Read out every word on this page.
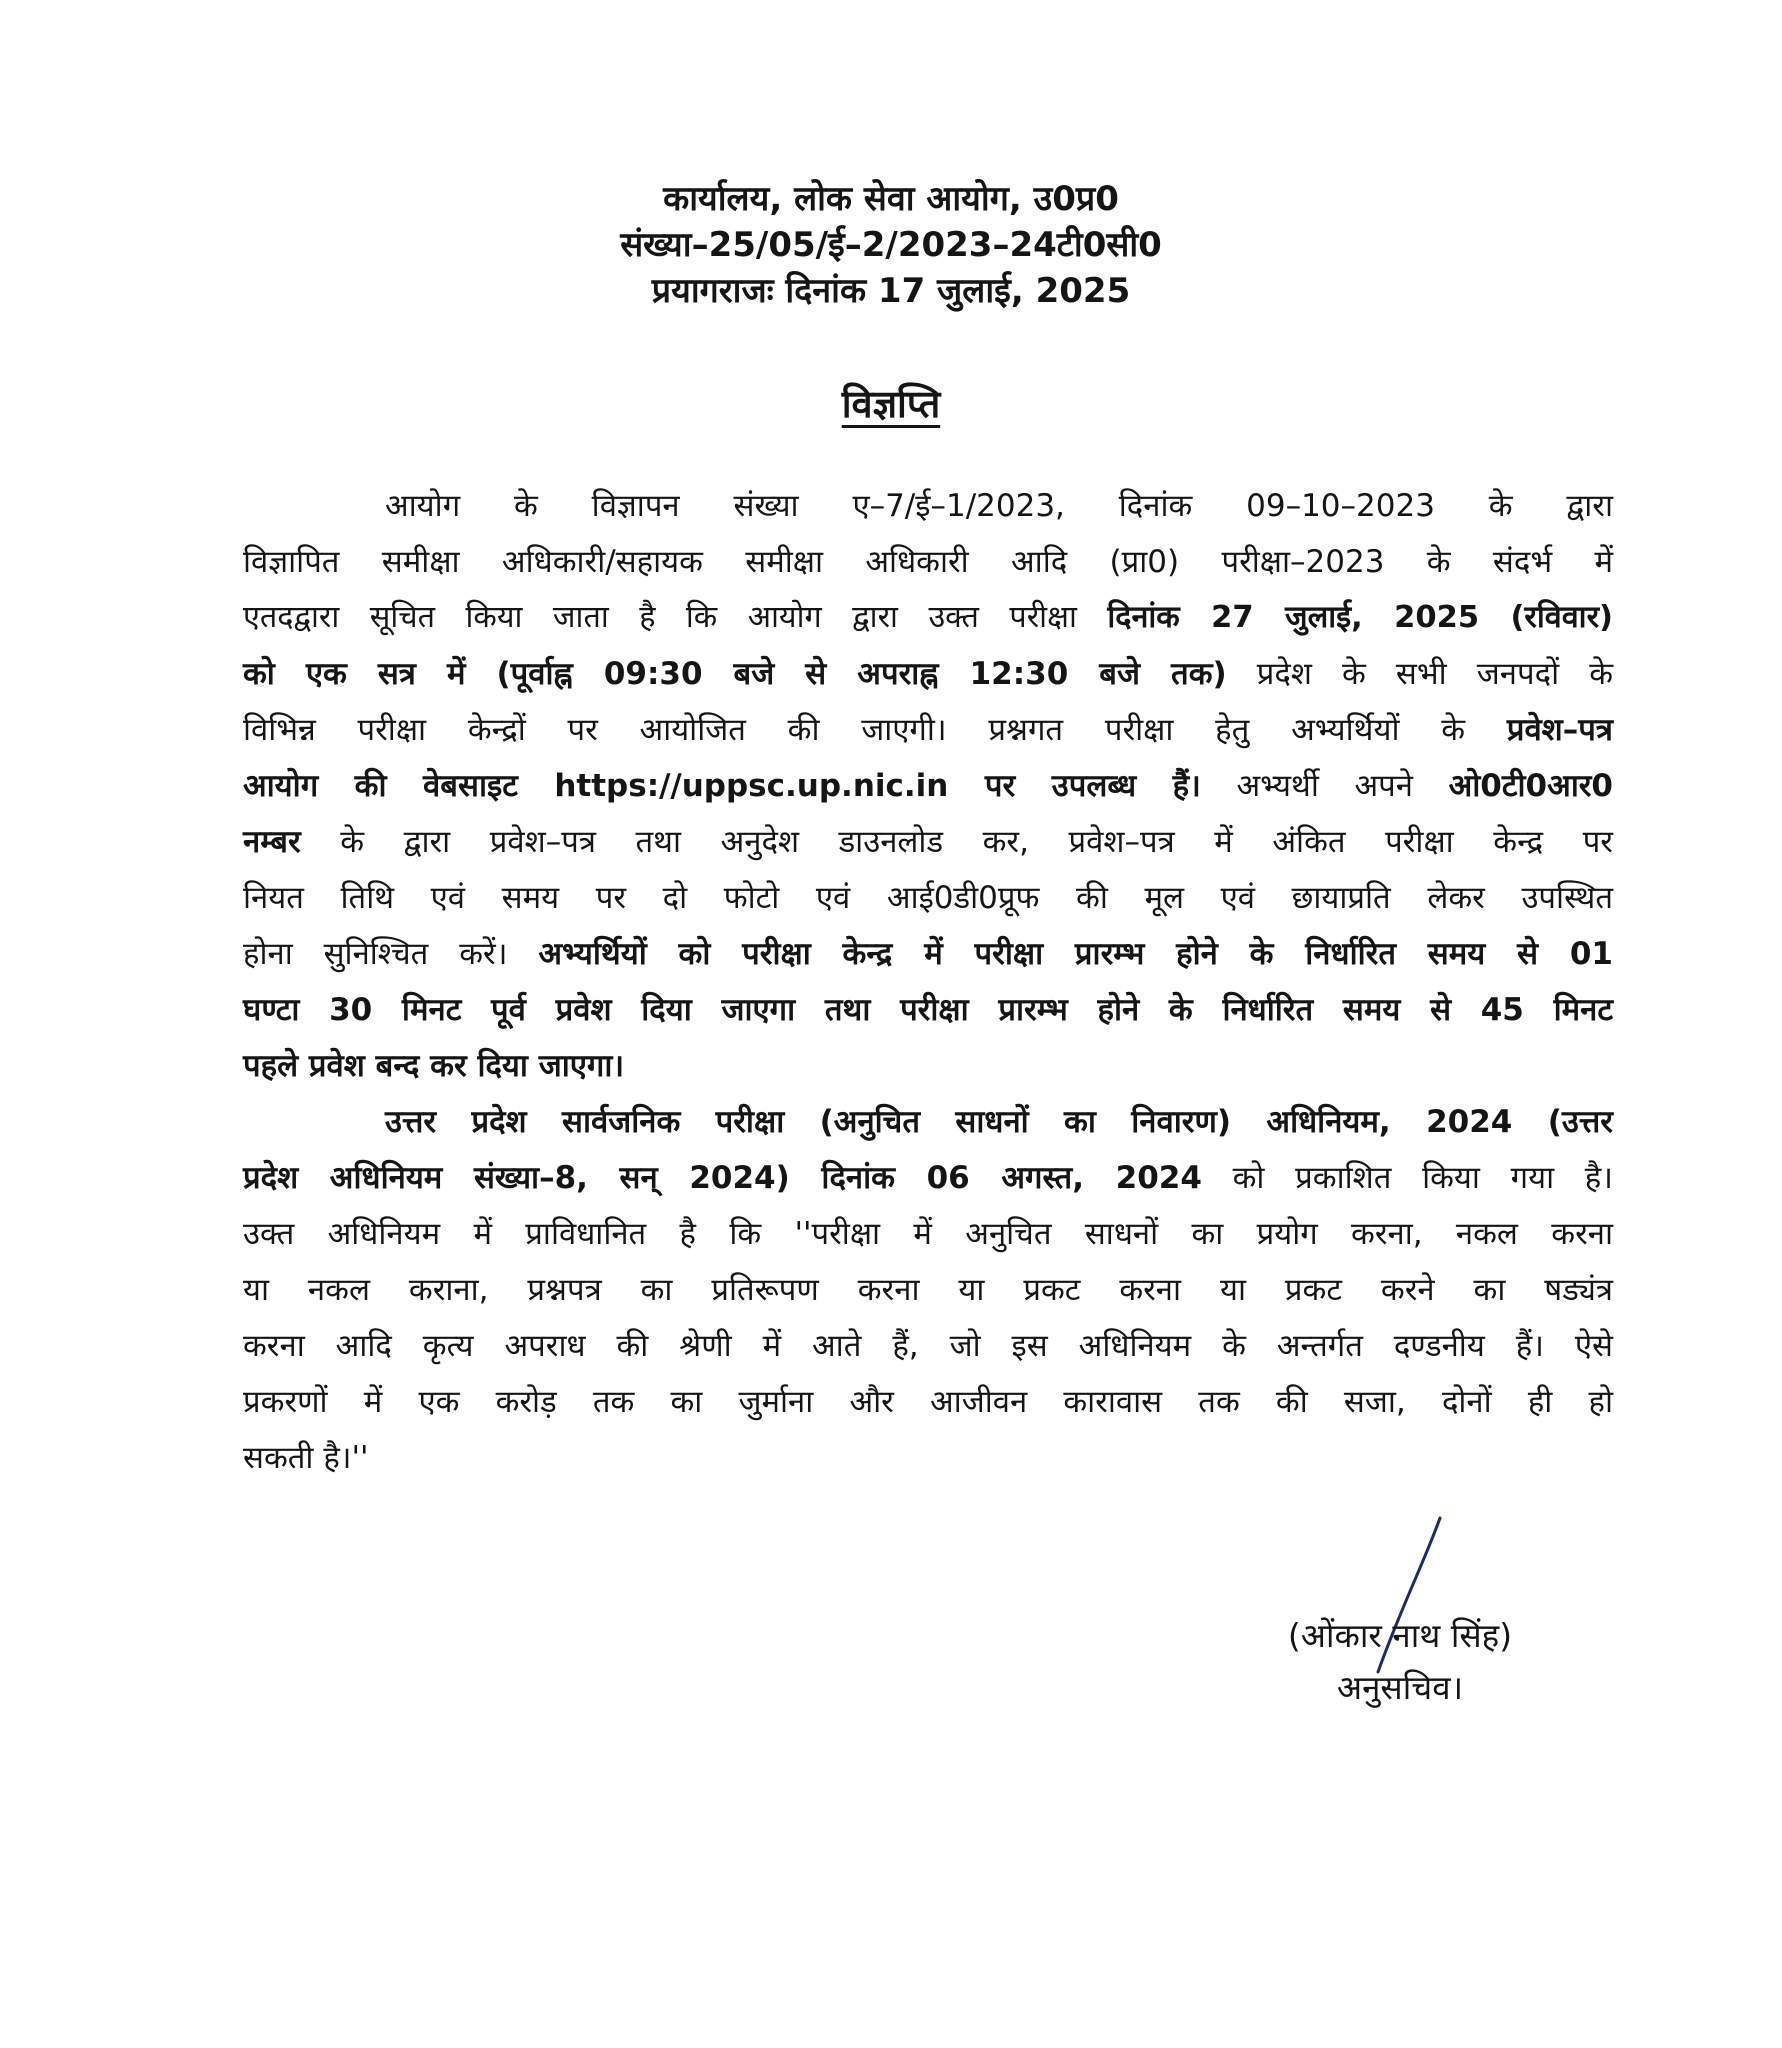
कार्यालय, लोक सेवा आयोग, उ0प्र0
संख्या–25/05/ई–2/2023–24टी0सी0
प्रयागराजः दिनांक 17 जुलाई, 2025
विज्ञप्ति
आयोग के विज्ञापन संख्या ए–7/ई–1/2023, दिनांक 09–10–2023 के द्वारा
विज्ञापित समीक्षा अधिकारी/सहायक समीक्षा अधिकारी आदि (प्रा0) परीक्षा–2023 के संदर्भ में
एतदद्वारा सूचित किया जाता है कि आयोग द्वारा उक्त परीक्षा दिनांक 27 जुलाई, 2025 (रविवार)
को एक सत्र में (पूर्वाह्न 09:30 बजे से अपराह्न 12:30 बजे तक) प्रदेश के सभी जनपदों के
विभिन्न परीक्षा केन्द्रों पर आयोजित की जाएगी। प्रश्नगत परीक्षा हेतु अभ्यर्थियों के प्रवेश–पत्र
आयोग की वेबसाइट https://uppsc.up.nic.in पर उपलब्ध हैं। अभ्यर्थी अपने ओ0टी0आर0
नम्बर के द्वारा प्रवेश–पत्र तथा अनुदेश डाउनलोड कर, प्रवेश–पत्र में अंकित परीक्षा केन्द्र पर
नियत तिथि एवं समय पर दो फोटो एवं आई0डी0प्रूफ की मूल एवं छायाप्रति लेकर उपस्थित
होना सुनिश्चित करें। अभ्यर्थियों को परीक्षा केन्द्र में परीक्षा प्रारम्भ होने के निर्धारित समय से 01
घण्टा 30 मिनट पूर्व प्रवेश दिया जाएगा तथा परीक्षा प्रारम्भ होने के निर्धारित समय से 45 मिनट
पहले प्रवेश बन्द कर दिया जाएगा।
उत्तर प्रदेश सार्वजनिक परीक्षा (अनुचित साधनों का निवारण) अधिनियम, 2024 (उत्तर
प्रदेश अधिनियम संख्या–8, सन् 2024) दिनांक 06 अगस्त, 2024 को प्रकाशित किया गया है।
उक्त अधिनियम में प्राविधानित है कि ''परीक्षा में अनुचित साधनों का प्रयोग करना, नकल करना
या नकल कराना, प्रश्नपत्र का प्रतिरूपण करना या प्रकट करना या प्रकट करने का षड्यंत्र
करना आदि कृत्य अपराध की श्रेणी में आते हैं, जो इस अधिनियम के अन्तर्गत दण्डनीय हैं। ऐसे
प्रकरणों में एक करोड़ तक का जुर्माना और आजीवन कारावास तक की सजा, दोनों ही हो
सकती है।''
(ओंकार नाथ सिंह)
अनुसचिव।
